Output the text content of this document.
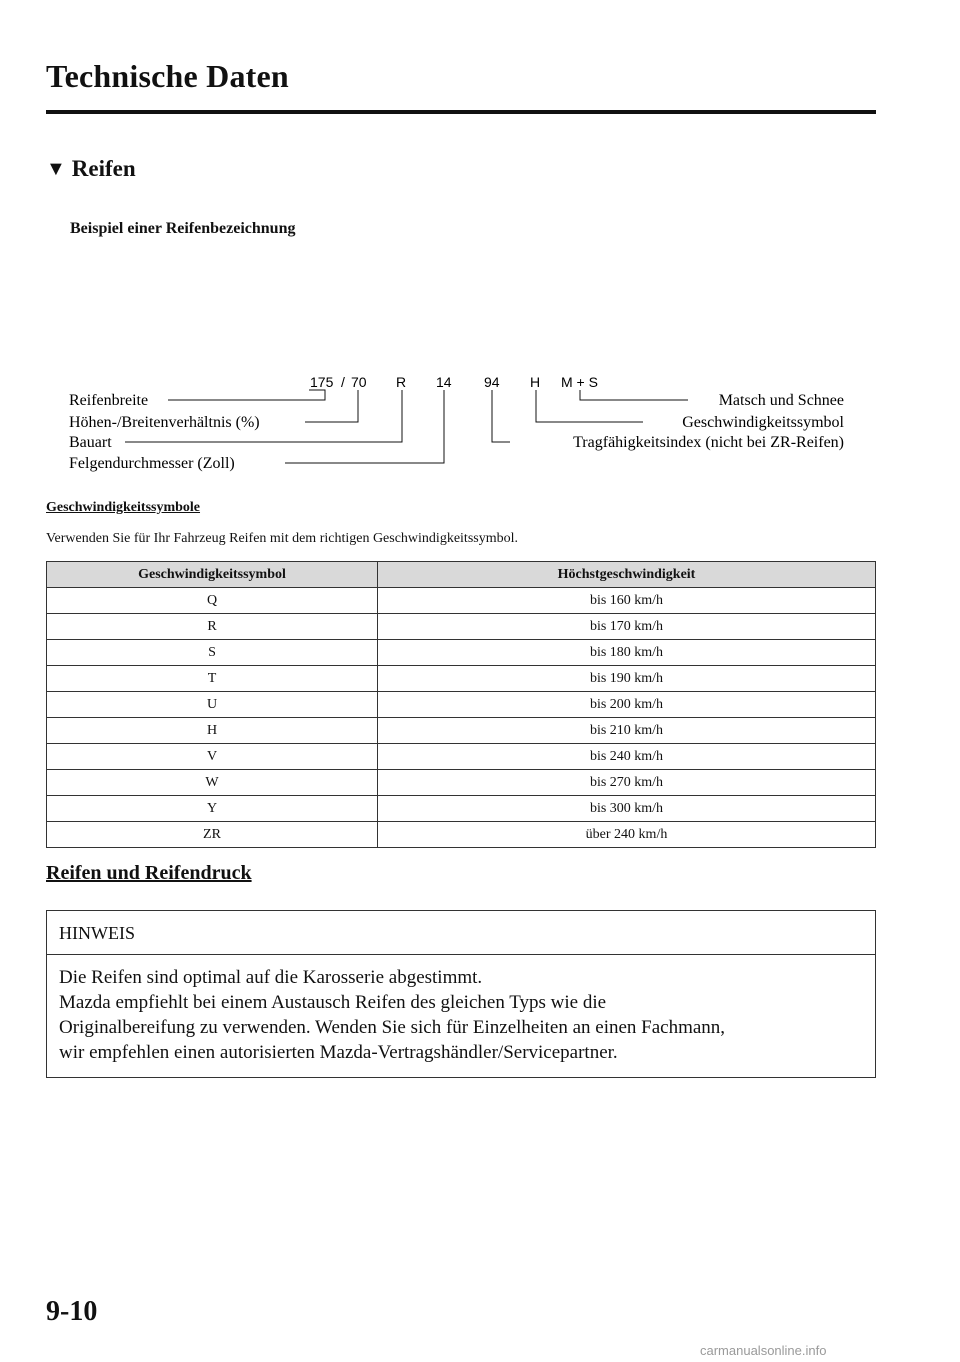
Technische Daten
▼ Reifen
Beispiel einer Reifenbezeichnung
175 / 70 R 14 94 H M + S
Reifenbreite
Höhen-/Breitenverhältnis (%)
Bauart
Felgendurchmesser (Zoll)
Matsch und Schnee
Geschwindigkeitssymbol
Tragfähigkeitsindex (nicht bei ZR-Reifen)
Geschwindigkeitssymbole
Verwenden Sie für Ihr Fahrzeug Reifen mit dem richtigen Geschwindigkeitssymbol.
Geschwindigkeitssymbol	Höchstgeschwindigkeit
Q	bis 160 km/h
R	bis 170 km/h
S	bis 180 km/h
T	bis 190 km/h
U	bis 200 km/h
H	bis 210 km/h
V	bis 240 km/h
W	bis 270 km/h
Y	bis 300 km/h
ZR	über 240 km/h
Reifen und Reifendruck
HINWEIS
Die Reifen sind optimal auf die Karosserie abgestimmt.
Mazda empfiehlt bei einem Austausch Reifen des gleichen Typs wie die
Originalbereifung zu verwenden. Wenden Sie sich für Einzelheiten an einen Fachmann,
wir empfehlen einen autorisierten Mazda-Vertragshändler/Servicepartner.
9-10
carmanualsonline.info
